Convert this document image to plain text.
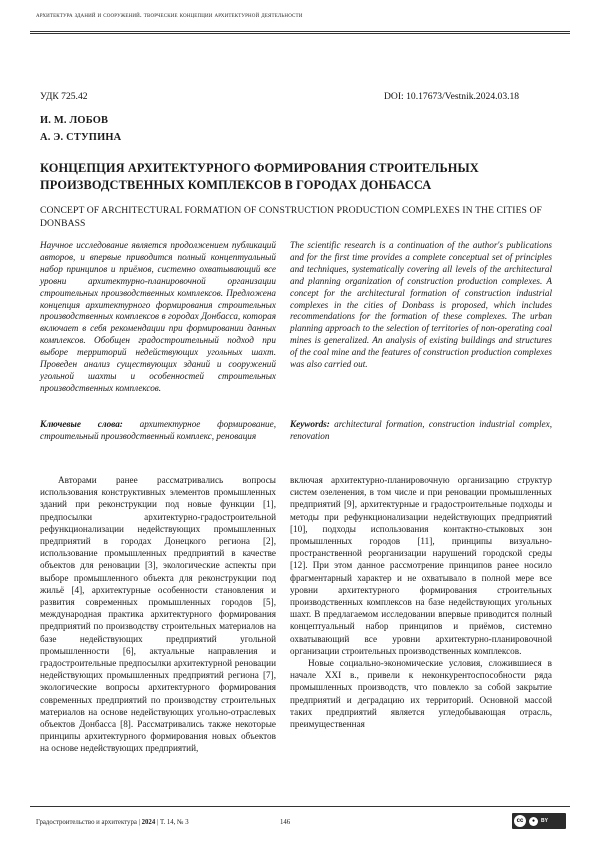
архитектура зданий и сооружений. творческие концепции архитектурной деятельности
УДК 725.42	DOI: 10.17673/Vestnik.2024.03.18
И. М. ЛОБОВ
А. Э. СТУПИНА
КОНЦЕПЦИЯ АРХИТЕКТУРНОГО ФОРМИРОВАНИЯ СТРОИТЕЛЬНЫХ ПРОИЗВОДСТВЕННЫХ КОМПЛЕКСОВ В ГОРОДАХ ДОНБАССА
CONCEPT OF ARCHITECTURAL FORMATION OF CONSTRUCTION PRODUCTION COMPLEXES IN THE CITIES OF DONBASS

Научное исследование является продолжением публикаций авторов, и впервые приводится полный концептуальный набор принципов и приёмов, системно охватывающий все уровни архитектурно-планировочной организации строительных производственных комплексов. Предложена концепция архитектурного формирования строительных производственных комплексов в городах Донбасса, которая включает в себя рекомендации при формировании данных комплексов. Обобщен градостроительный подход при выборе территорий недействующих угольных шахт. Проведен анализ существующих зданий и сооружений угольной шахты и особенностей строительных производственных комплексов.

The scientific research is a continuation of the author's publications and for the first time provides a complete conceptual set of principles and techniques, systematically covering all levels of the architectural and planning organization of construction production complexes. A concept for the architectural formation of construction industrial complexes in the cities of Donbass is proposed, which includes recommendations for the formation of these complexes. The urban planning approach to the selection of territories of non-operating coal mines is generalized. An analysis of existing buildings and structures of the coal mine and the features of construction production complexes was also carried out.

Ключевые слова: архитектурное формирование, строительный производственный комплекс, реновация

Keywords: architectural formation, construction industrial complex, renovation

Авторами ранее рассматривались вопросы использования конструктивных элементов промышленных зданий при реконструкции под новые функции [1], предпосылки архитектурно-градостроительной рефункционализации недействующих промышленных предприятий в городах Донецкого региона [2], использование промышленных предприятий в качестве объектов для реновации [3], экологические аспекты при выборе промышленного объекта для реконструкции под жильё [4], архитектурные особенности становления и развития современных промышленных городов [5], международная практика архитектурного формирования предприятий по производству строительных материалов на базе недействующих предприятий угольной промышленности [6], актуальные направления и градостроительные предпосылки архитектурной реновации недействующих промышленных предприятий региона [7], экологические вопросы архитектурного формирования современных предприятий по производству строительных материалов на основе недействующих угольно-отраслевых объектов Донбасса [8]. Рассматривались также некоторые принципы архитектурного формирования новых объектов на основе недействующих предприятий,

включая архитектурно-планировочную организацию структур систем озеленения, в том числе и при реновации промышленных предприятий [9], архитектурные и градостроительные подходы и методы при рефункционализации недействующих предприятий [10], подходы использования контактно-стыковых зон промышленных городов [11], принципы визуально-пространственной реорганизации нарушений городской среды [12]. При этом данное рассмотрение принципов ранее носило фрагментарный характер и не охватывало в полной мере все уровни архитектурного формирования строительных производственных комплексов на базе недействующих угольных шахт. В предлагаемом исследовании впервые приводится полный концептуальный набор принципов и приёмов, системно охватывающий все уровни архитектурно-планировочной организации строительных производственных комплексов.

Новые социально-экономические условия, сложившиеся в начале XXI в., привели к неконкурентоспособности ряда промышленных производств, что повлекло за собой закрытие предприятий и деградацию их территорий. Основной массой таких предприятий является угледобывающая отрасль, преимущественная

Градостроительство и архитектура | 2024 | Т. 14, № 3	146	cc	●	BY
